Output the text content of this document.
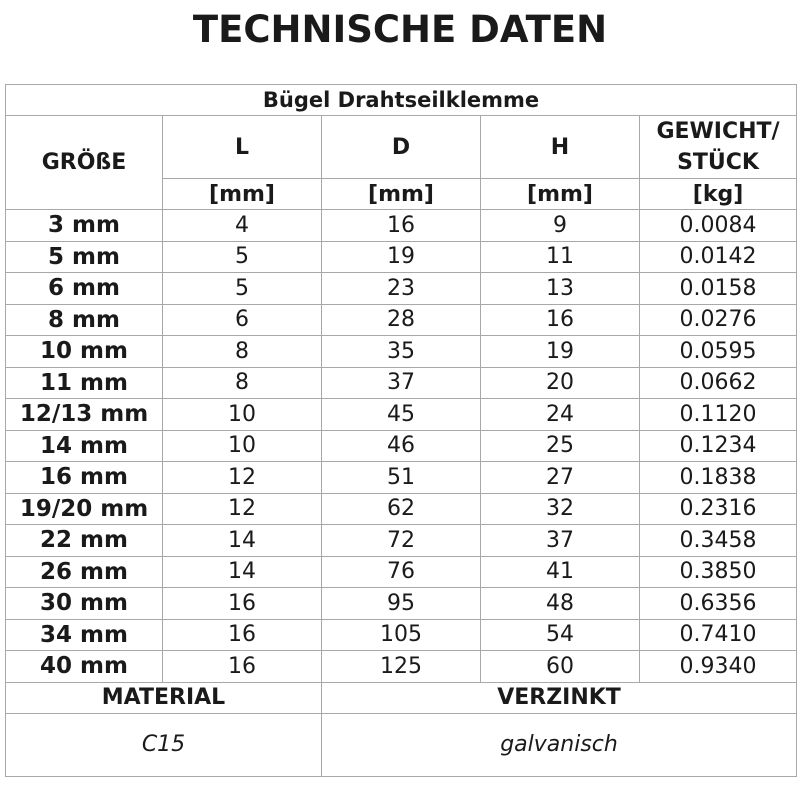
TECHNISCHE DATEN
Bügel Drahtseilklemme				
GRÖßE	L	D	H	GEWICHT/
STÜCK
	[mm]	[mm]	[mm]	[kg]
3 mm	4	16	9	0.0084
5 mm	5	19	11	0.0142
6 mm	5	23	13	0.0158
8 mm	6	28	16	0.0276
10 mm	8	35	19	0.0595
11 mm	8	37	20	0.0662
12/13 mm	10	45	24	0.1120
14 mm	10	46	25	0.1234
16 mm	12	51	27	0.1838
19/20 mm	12	62	32	0.2316
22 mm	14	72	37	0.3458
26 mm	14	76	41	0.3850
30 mm	16	95	48	0.6356
34 mm	16	105	54	0.7410
40 mm	16	125	60	0.9340
MATERIAL		VERZINKT		
C15		galvanisch		
